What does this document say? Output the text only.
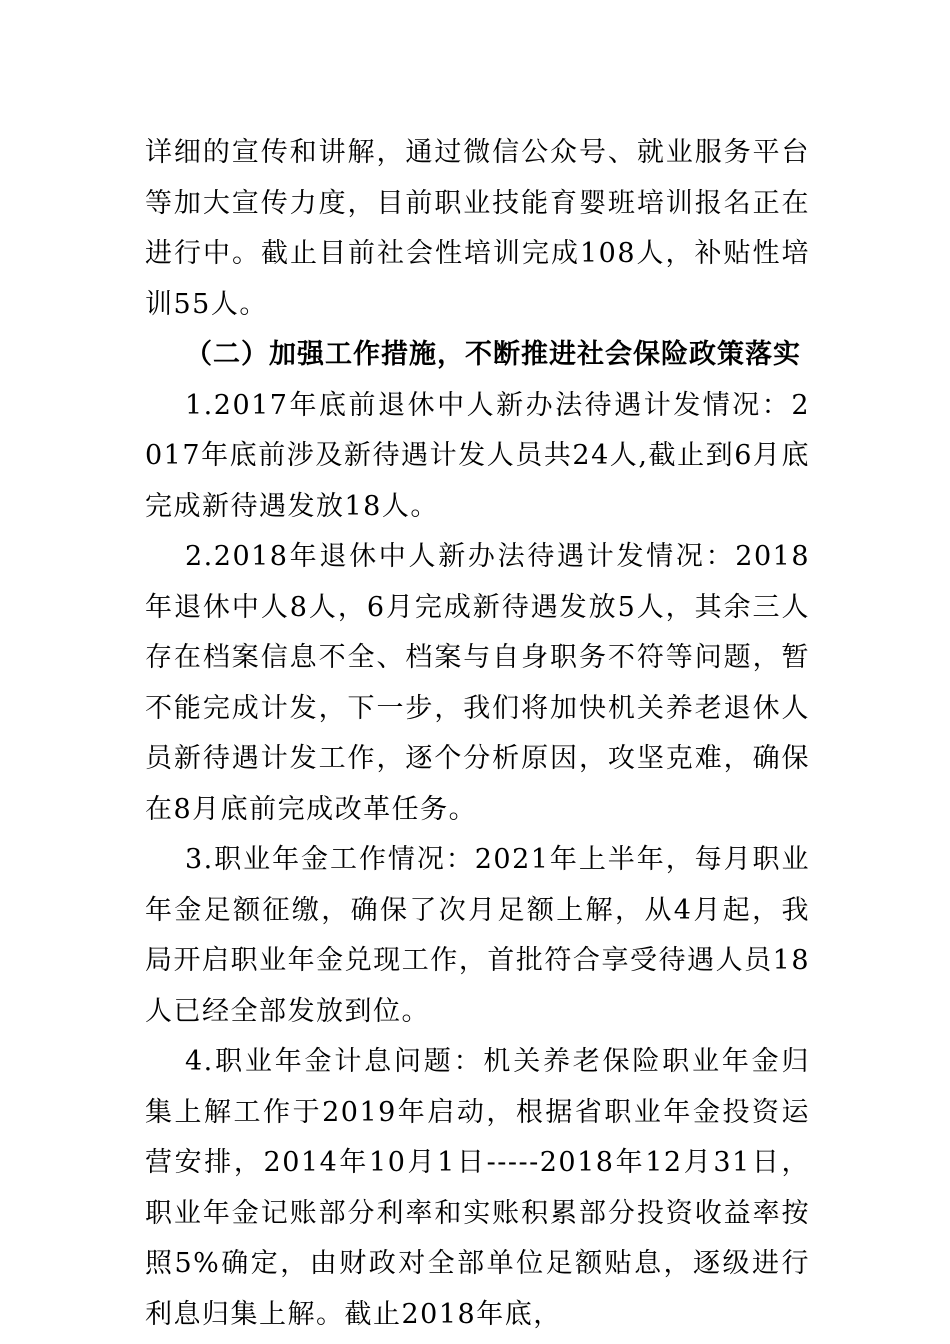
详细的宣传和讲解，通过微信公众号、就业服务平台等加大宣传力度，目前职业技能育婴班培训报名正在进行中。截止目前社会性培训完成108人，补贴性培训55人。

（二）加强工作措施，不断推进社会保险政策落实

1.2017年底前退休中人新办法待遇计发情况：2017年底前涉及新待遇计发人员共24人,截止到6月底完成新待遇发放18人。

2.2018年退休中人新办法待遇计发情况：2018年退休中人8人，6月完成新待遇发放5人，其余三人存在档案信息不全、档案与自身职务不符等问题，暂不能完成计发，下一步，我们将加快机关养老退休人员新待遇计发工作，逐个分析原因，攻坚克难，确保在8月底前完成改革任务。

3.职业年金工作情况：2021年上半年，每月职业年金足额征缴，确保了次月足额上解，从4月起，我局开启职业年金兑现工作，首批符合享受待遇人员18人已经全部发放到位。

4.职业年金计息问题：机关养老保险职业年金归集上解工作于2019年启动，根据省职业年金投资运营安排，2014年10月1日-----2018年12月31日，职业年金记账部分利率和实账积累部分投资收益率按照5%确定，由财政对全部单位足额贴息，逐级进行利息归集上解。截止2018年底，
